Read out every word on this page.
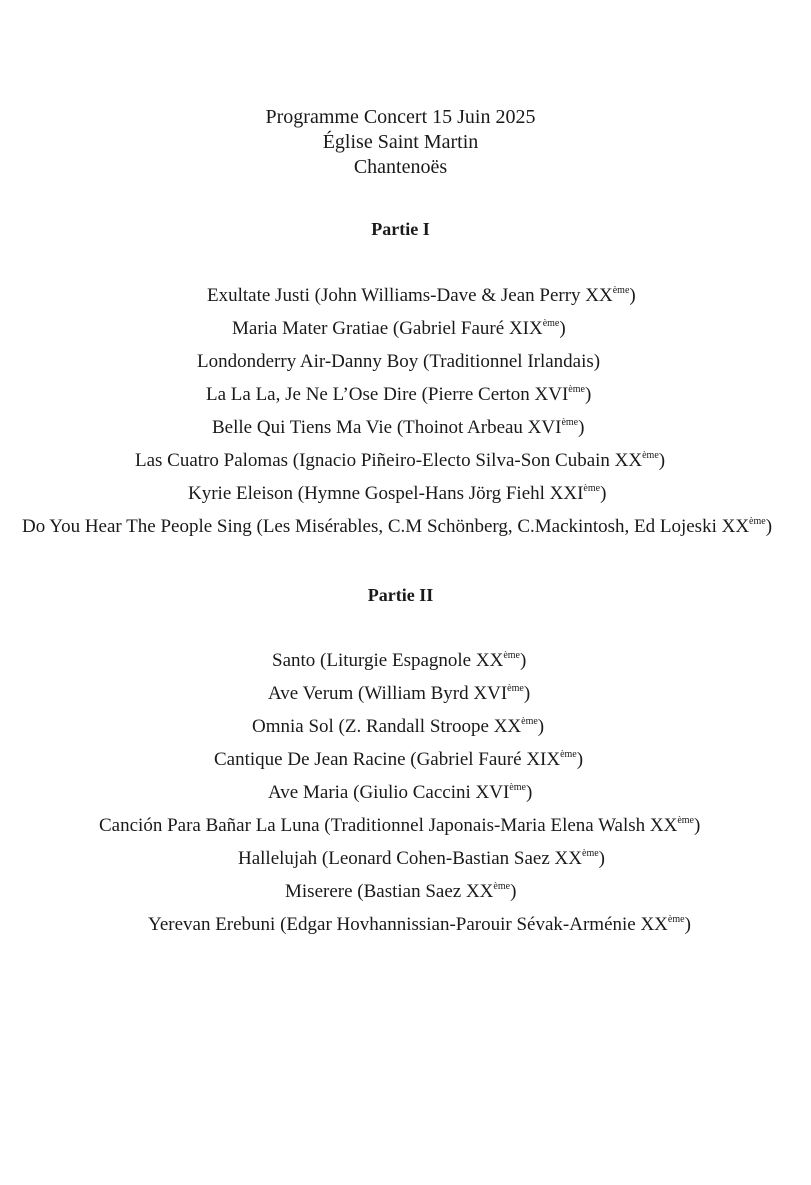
Programme Concert 15 Juin 2025
Église Saint Martin
Chantenoës
Partie I
Exultate Justi (John Williams-Dave & Jean Perry XXème)
Maria Mater Gratiae (Gabriel Fauré XIXème)
Londonderry Air-Danny Boy (Traditionnel Irlandais)
La La La, Je Ne L’Ose Dire (Pierre Certon XVIème)
Belle Qui Tiens Ma Vie (Thoinot Arbeau XVIème)
Las Cuatro Palomas (Ignacio Piñeiro-Electo Silva-Son Cubain XXème)
Kyrie Eleison (Hymne Gospel-Hans Jörg Fiehl XXIème)
Do You Hear The People Sing (Les Misérables, C.M Schönberg, C.Mackintosh, Ed Lojeski XXème)
Partie II
Santo (Liturgie Espagnole XXème)
Ave Verum (William Byrd XVIème)
Omnia Sol (Z. Randall Stroope XXème)
Cantique De Jean Racine (Gabriel Fauré XIXème)
Ave Maria (Giulio Caccini XVIème)
Canción Para Bañar La Luna (Traditionnel Japonais-Maria Elena Walsh XXème)
Hallelujah (Leonard Cohen-Bastian Saez XXème)
Miserere (Bastian Saez XXème)
Yerevan Erebuni (Edgar Hovhannissian-Parouir Sévak-Arménie XXème)
